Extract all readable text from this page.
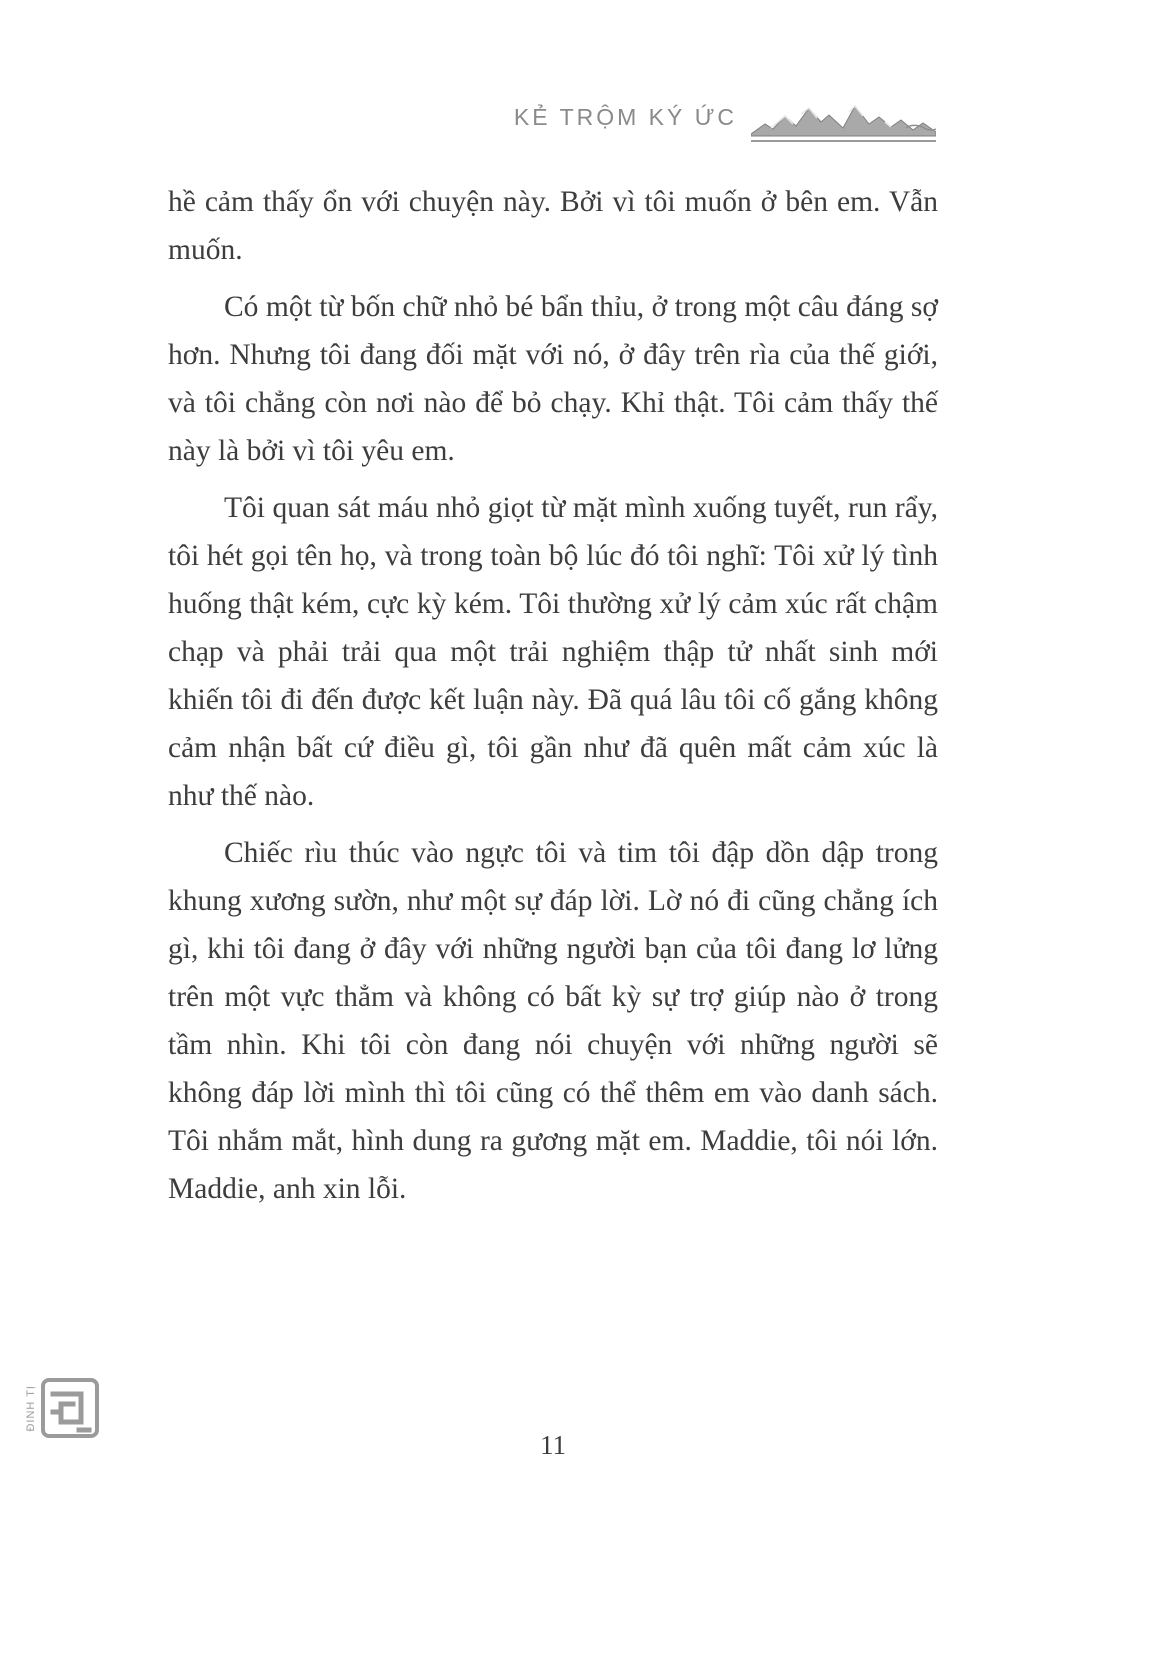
KẺ TRỘM KÝ ỨC

hề cảm thấy ổn với chuyện này. Bởi vì tôi muốn ở bên em. Vẫn muốn.

Có một từ bốn chữ nhỏ bé bẩn thỉu, ở trong một câu đáng sợ hơn. Nhưng tôi đang đối mặt với nó, ở đây trên rìa của thế giới, và tôi chẳng còn nơi nào để bỏ chạy. Khỉ thật. Tôi cảm thấy thế này là bởi vì tôi yêu em.

Tôi quan sát máu nhỏ giọt từ mặt mình xuống tuyết, run rẩy, tôi hét gọi tên họ, và trong toàn bộ lúc đó tôi nghĩ: Tôi xử lý tình huống thật kém, cực kỳ kém. Tôi thường xử lý cảm xúc rất chậm chạp và phải trải qua một trải nghiệm thập tử nhất sinh mới khiến tôi đi đến được kết luận này. Đã quá lâu tôi cố gắng không cảm nhận bất cứ điều gì, tôi gần như đã quên mất cảm xúc là như thế nào.

Chiếc rìu thúc vào ngực tôi và tim tôi đập dồn dập trong khung xương sườn, như một sự đáp lời. Lờ nó đi cũng chẳng ích gì, khi tôi đang ở đây với những người bạn của tôi đang lơ lửng trên một vực thẳm và không có bất kỳ sự trợ giúp nào ở trong tầm nhìn. Khi tôi còn đang nói chuyện với những người sẽ không đáp lời mình thì tôi cũng có thể thêm em vào danh sách. Tôi nhắm mắt, hình dung ra gương mặt em. Maddie, tôi nói lớn. Maddie, anh xin lỗi.

ĐINH TỊ
11
